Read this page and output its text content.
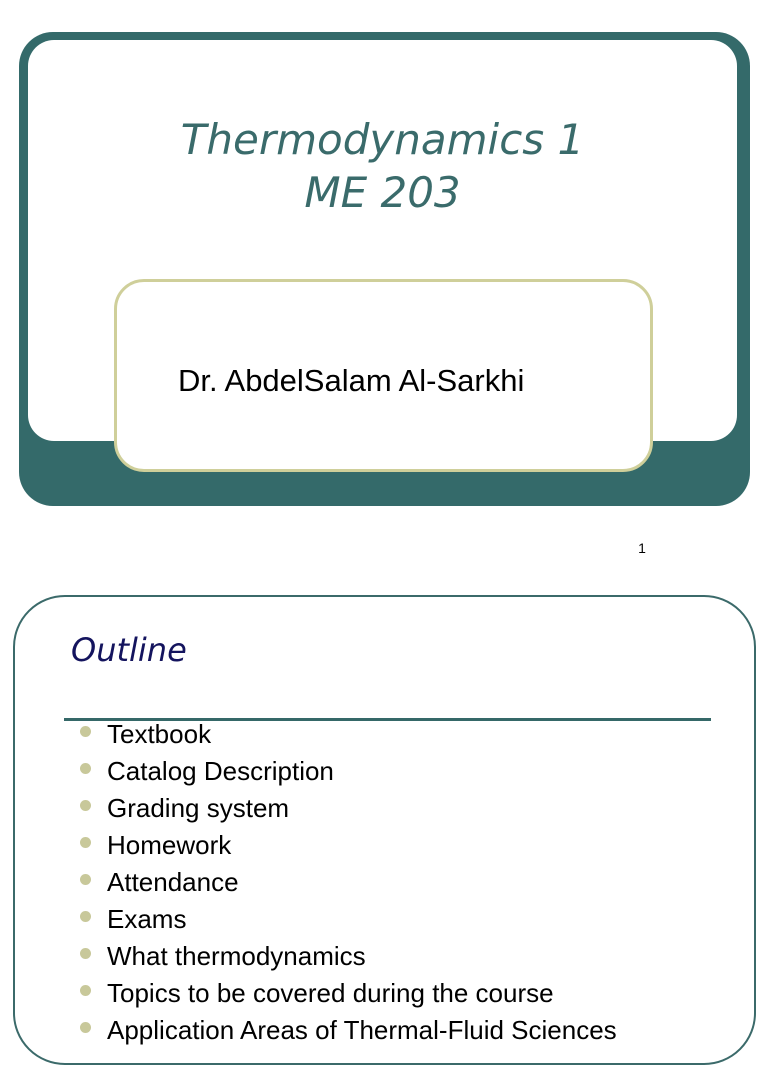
Thermodynamics 1
ME 203
Dr. AbdelSalam Al-Sarkhi
1
Outline
Textbook
Catalog Description
Grading system
Homework
Attendance
Exams
What thermodynamics
Topics to be covered during the course
Application Areas of Thermal-Fluid Sciences
